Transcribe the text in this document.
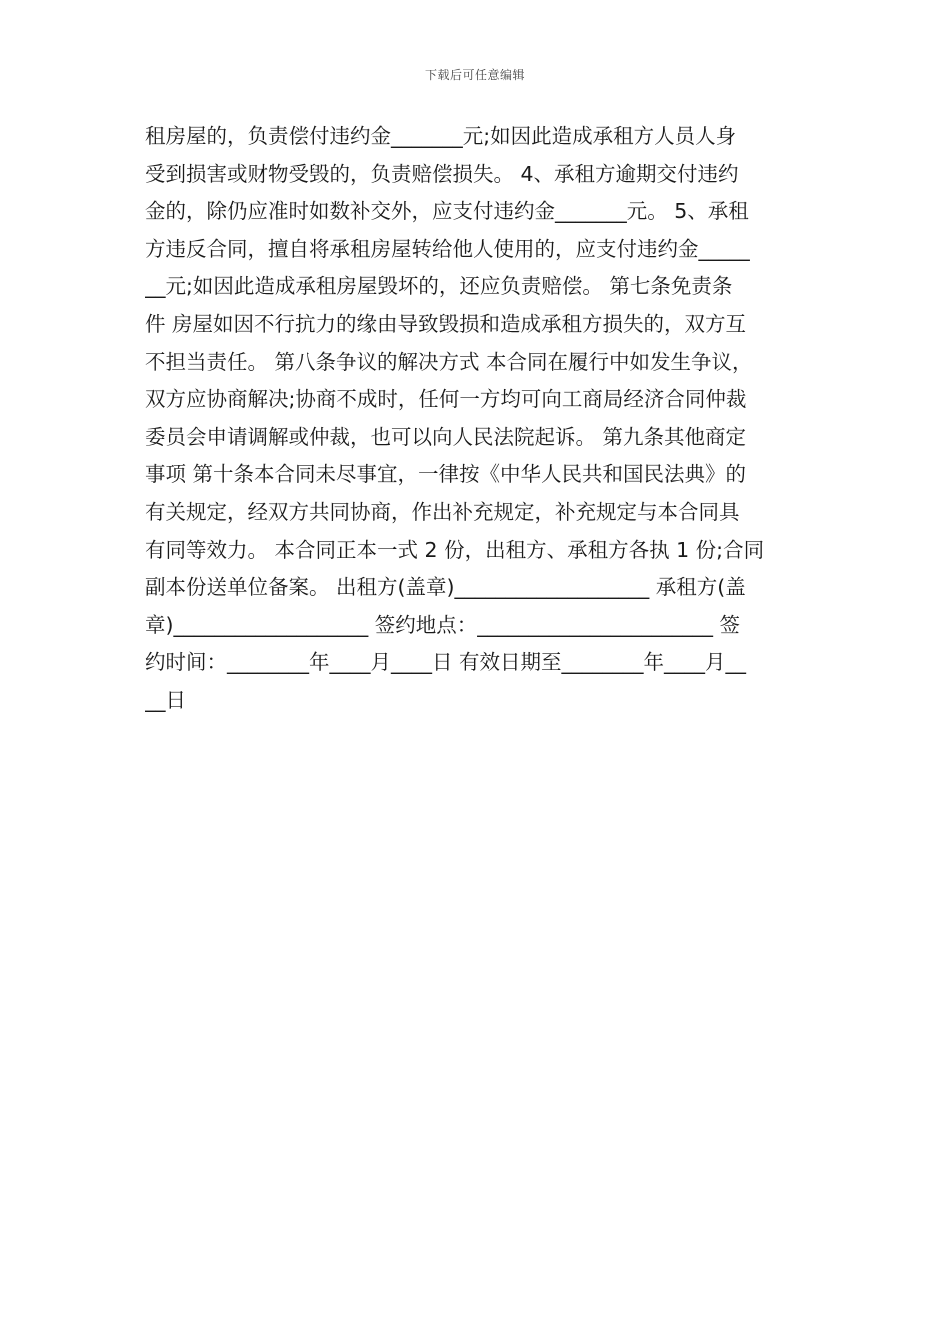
下载后可任意编辑
租房屋的，负责偿付违约金_______元;如因此造成承租方人员人身
受到损害或财物受毁的，负责赔偿损失。 4、承租方逾期交付违约
金的，除仍应准时如数补交外，应支付违约金_______元。 5、承租
方违反合同，擅自将承租房屋转给他人使用的，应支付违约金_____
__元;如因此造成承租房屋毁坏的，还应负责赔偿。 第七条免责条
件 房屋如因不行抗力的缘由导致毁损和造成承租方损失的，双方互
不担当责任。 第八条争议的解决方式 本合同在履行中如发生争议，
双方应协商解决;协商不成时，任何一方均可向工商局经济合同仲裁
委员会申请调解或仲裁，也可以向人民法院起诉。 第九条其他商定
事项 第十条本合同未尽事宜，一律按《中华人民共和国民法典》的
有关规定，经双方共同协商，作出补充规定，补充规定与本合同具
有同等效力。 本合同正本一式 2 份，出租方、承租方各执 1 份;合同
副本份送单位备案。 出租方(盖章)___________________ 承租方(盖
章)___________________ 签约地点：_______________________ 签
约时间：________年____月____日 有效日期至________年____月__
__日
